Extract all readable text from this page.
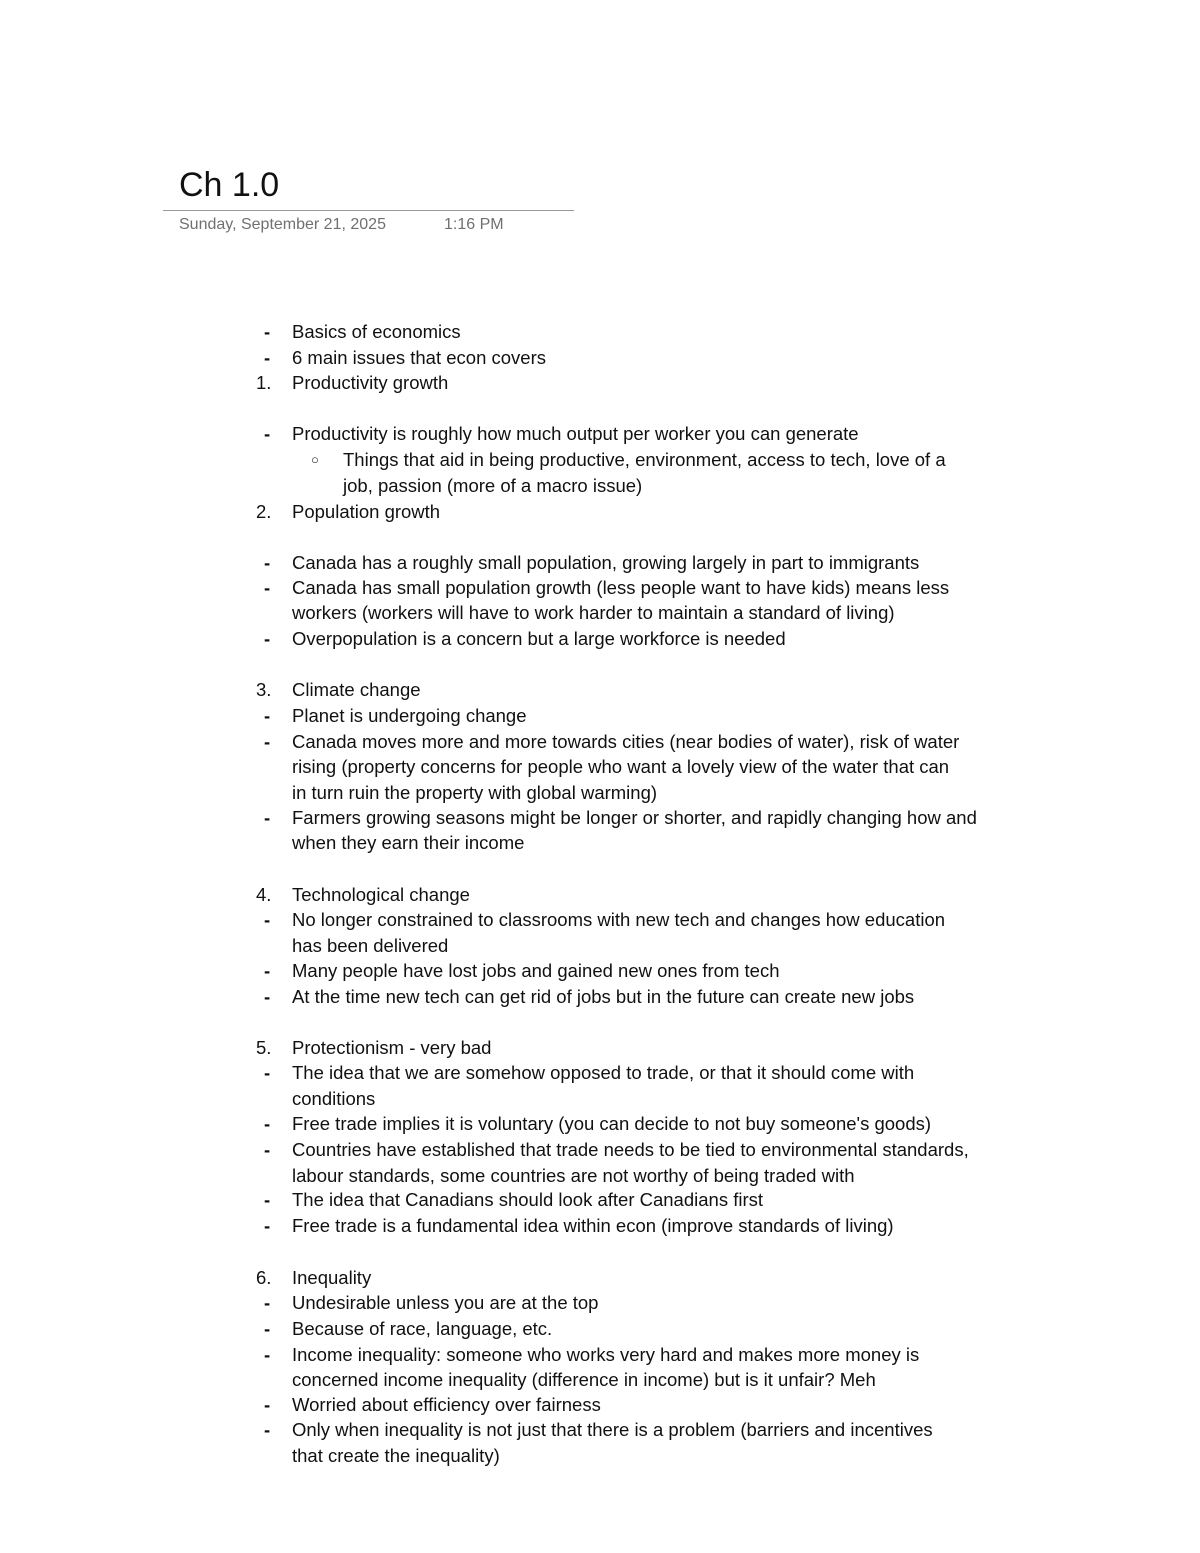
Ch 1.0
Sunday, September 21, 2025	1:16 PM
- Basics of economics
- 6 main issues that econ covers
1. Productivity growth
- Productivity is roughly how much output per worker you can generate
○ Things that aid in being productive, environment, access to tech, love of a
job, passion (more of a macro issue)
2. Population growth
- Canada has a roughly small population, growing largely in part to immigrants
- Canada has small population growth (less people want to have kids) means less
workers (workers will have to work harder to maintain a standard of living)
- Overpopulation is a concern but a large workforce is needed
3. Climate change
- Planet is undergoing change
- Canada moves more and more towards cities (near bodies of water), risk of water
rising (property concerns for people who want a lovely view of the water that can
in turn ruin the property with global warming)
- Farmers growing seasons might be longer or shorter, and rapidly changing how and
when they earn their income
4. Technological change
- No longer constrained to classrooms with new tech and changes how education
has been delivered
- Many people have lost jobs and gained new ones from tech
- At the time new tech can get rid of jobs but in the future can create new jobs
5. Protectionism - very bad
- The idea that we are somehow opposed to trade, or that it should come with
conditions
- Free trade implies it is voluntary (you can decide to not buy someone's goods)
- Countries have established that trade needs to be tied to environmental standards,
labour standards, some countries are not worthy of being traded with
- The idea that Canadians should look after Canadians first
- Free trade is a fundamental idea within econ (improve standards of living)
6. Inequality
- Undesirable unless you are at the top
- Because of race, language, etc.
- Income inequality: someone who works very hard and makes more money is
concerned income inequality (difference in income) but is it unfair? Meh
- Worried about efficiency over fairness
- Only when inequality is not just that there is a problem (barriers and incentives
that create the inequality)
